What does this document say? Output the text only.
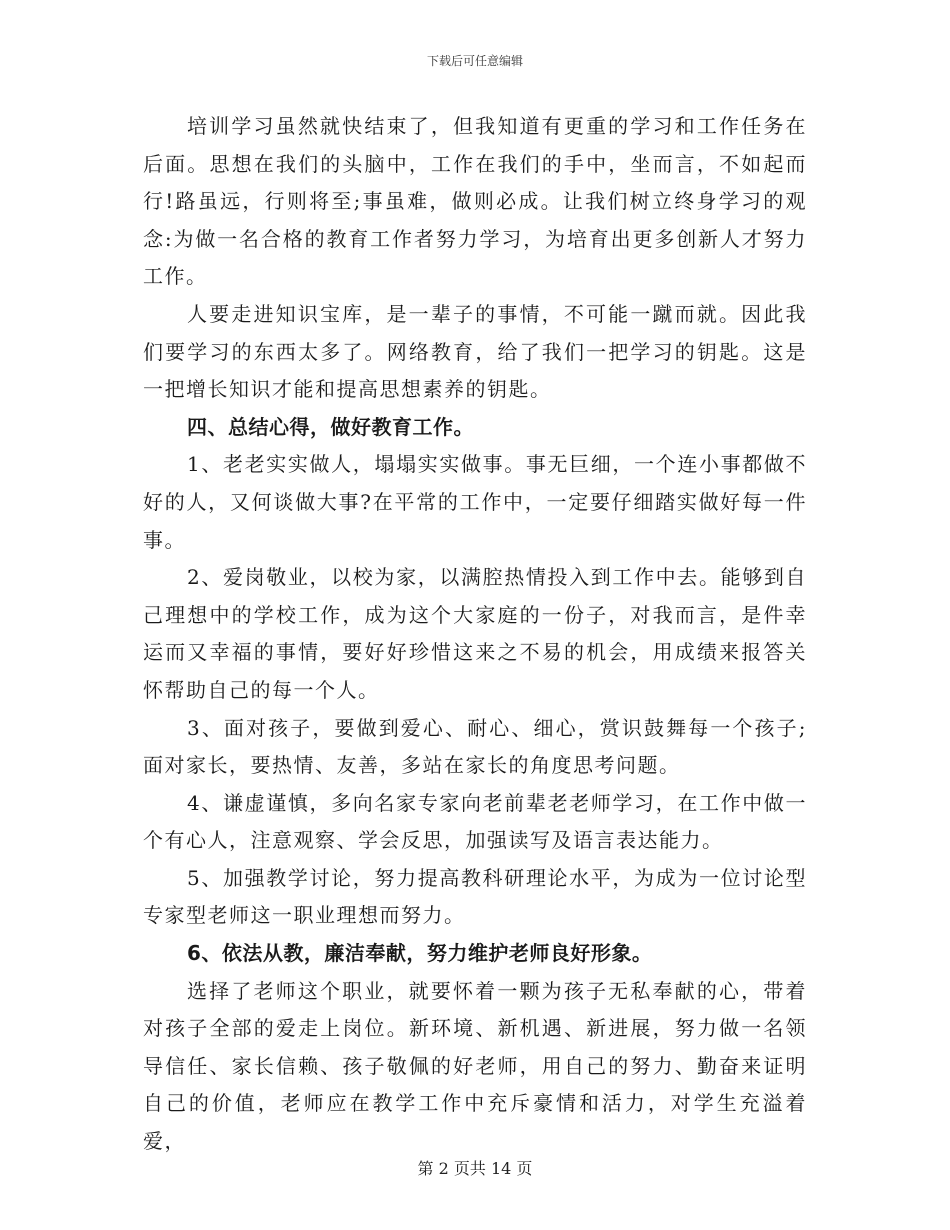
下载后可任意编辑

培训学习虽然就快结束了，但我知道有更重的学习和工作任务在后面。思想在我们的头脑中，工作在我们的手中，坐而言，不如起而行!路虽远，行则将至;事虽难，做则必成。让我们树立终身学习的观念:为做一名合格的教育工作者努力学习，为培育出更多创新人才努力工作。

人要走进知识宝库，是一辈子的事情，不可能一蹴而就。因此我们要学习的东西太多了。网络教育，给了我们一把学习的钥匙。这是一把增长知识才能和提高思想素养的钥匙。

四、总结心得，做好教育工作。

1、老老实实做人，塌塌实实做事。事无巨细，一个连小事都做不好的人，又何谈做大事?在平常的工作中，一定要仔细踏实做好每一件事。

2、爱岗敬业，以校为家，以满腔热情投入到工作中去。能够到自己理想中的学校工作，成为这个大家庭的一份子，对我而言，是件幸运而又幸福的事情，要好好珍惜这来之不易的机会，用成绩来报答关怀帮助自己的每一个人。

3、面对孩子，要做到爱心、耐心、细心，赏识鼓舞每一个孩子;面对家长，要热情、友善，多站在家长的角度思考问题。

4、谦虚谨慎，多向名家专家向老前辈老老师学习，在工作中做一个有心人，注意观察、学会反思，加强读写及语言表达能力。

5、加强教学讨论，努力提高教科研理论水平，为成为一位讨论型专家型老师这一职业理想而努力。

6、依法从教，廉洁奉献，努力维护老师良好形象。

选择了老师这个职业，就要怀着一颗为孩子无私奉献的心，带着对孩子全部的爱走上岗位。新环境、新机遇、新进展，努力做一名领导信任、家长信赖、孩子敬佩的好老师，用自己的努力、勤奋来证明自己的价值，老师应在教学工作中充斥豪情和活力，对学生充溢着爱，

第 2 页共 14 页
